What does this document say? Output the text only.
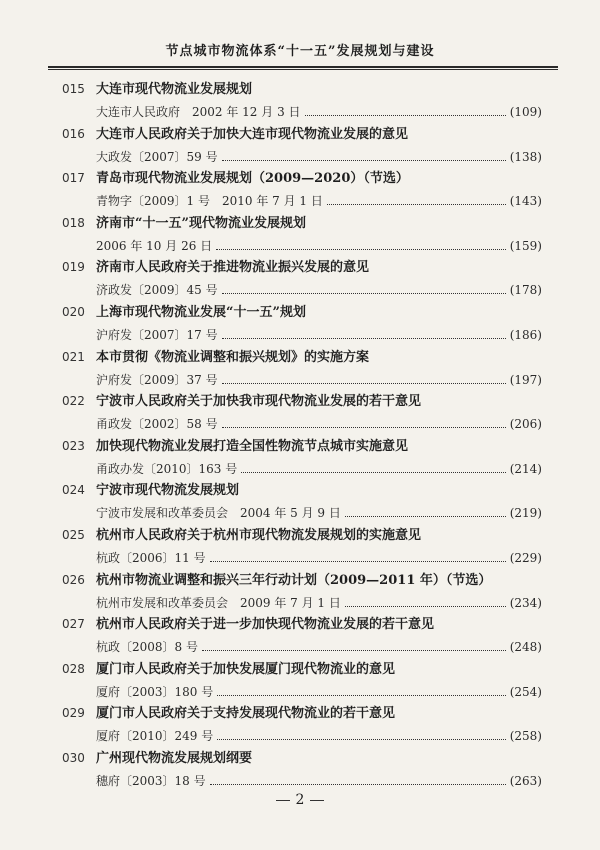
节点城市物流体系“十一五”发展规划与建设
015 大连市现代物流业发展规划
大连市人民政府　2002 年 12 月 3 日	(109)
016 大连市人民政府关于加快大连市现代物流业发展的意见
大政发〔2007〕59 号	(138)
017 青岛市现代物流业发展规划（2009—2020）（节选）
青物字〔2009〕1 号　2010 年 7 月 1 日	(143)
018 济南市“十一五”现代物流业发展规划
2006 年 10 月 26 日	(159)
019 济南市人民政府关于推进物流业振兴发展的意见
济政发〔2009〕45 号	(178)
020 上海市现代物流业发展“十一五”规划
沪府发〔2007〕17 号	(186)
021 本市贯彻《物流业调整和振兴规划》的实施方案
沪府发〔2009〕37 号	(197)
022 宁波市人民政府关于加快我市现代物流业发展的若干意见
甬政发〔2002〕58 号	(206)
023 加快现代物流业发展打造全国性物流节点城市实施意见
甬政办发〔2010〕163 号	(214)
024 宁波市现代物流发展规划
宁波市发展和改革委员会　2004 年 5 月 9 日	(219)
025 杭州市人民政府关于杭州市现代物流发展规划的实施意见
杭政〔2006〕11 号	(229)
026 杭州市物流业调整和振兴三年行动计划（2009—2011 年）（节选）
杭州市发展和改革委员会　2009 年 7 月 1 日	(234)
027 杭州市人民政府关于进一步加快现代物流业发展的若干意见
杭政〔2008〕8 号	(248)
028 厦门市人民政府关于加快发展厦门现代物流业的意见
厦府〔2003〕180 号	(254)
029 厦门市人民政府关于支持发展现代物流业的若干意见
厦府〔2010〕249 号	(258)
030 广州现代物流发展规划纲要
穗府〔2003〕18 号	(263)
2
